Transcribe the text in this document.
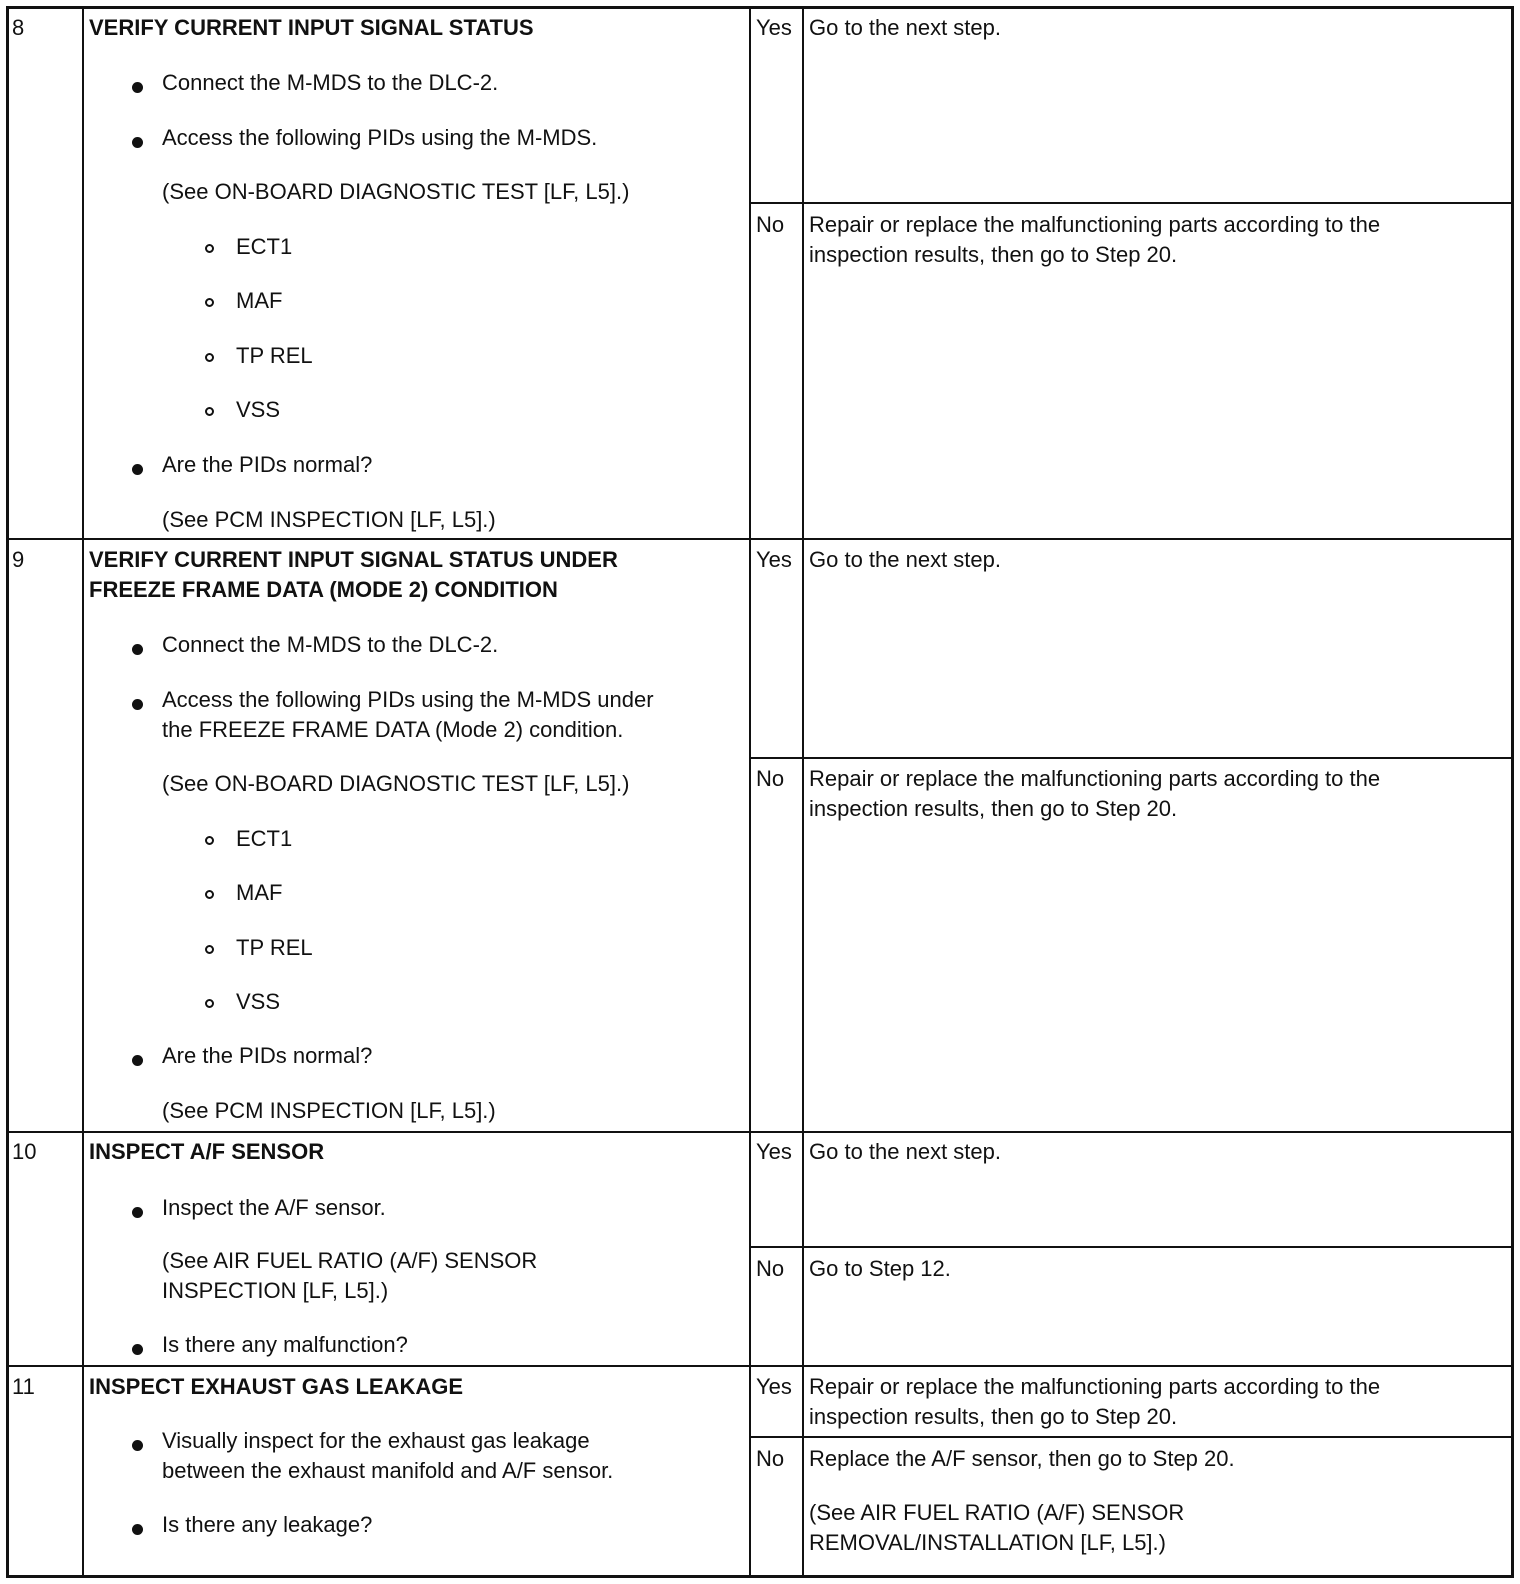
8	VERIFY CURRENT INPUT SIGNAL STATUS
Connect the M-MDS to the DLC-2.
Access the following PIDs using the M-MDS.
(See ON-BOARD DIAGNOSTIC TEST [LF, L5].)
ECT1
MAF
TP REL
VSS
Are the PIDs normal?
(See PCM INSPECTION [LF, L5].)
Yes Go to the next step.
No Repair or replace the malfunctioning parts according to the
inspection results, then go to Step 20.
9	VERIFY CURRENT INPUT SIGNAL STATUS UNDER
FREEZE FRAME DATA (MODE 2) CONDITION
Connect the M-MDS to the DLC-2.
Access the following PIDs using the M-MDS under
the FREEZE FRAME DATA (Mode 2) condition.
(See ON-BOARD DIAGNOSTIC TEST [LF, L5].)
ECT1
MAF
TP REL
VSS
Are the PIDs normal?
(See PCM INSPECTION [LF, L5].)
Yes Go to the next step.
No Repair or replace the malfunctioning parts according to the
inspection results, then go to Step 20.
10 INSPECT A/F SENSOR
Inspect the A/F sensor.
(See AIR FUEL RATIO (A/F) SENSOR
INSPECTION [LF, L5].)
Is there any malfunction?
Yes Go to the next step.
No Go to Step 12.
11 INSPECT EXHAUST GAS LEAKAGE
Visually inspect for the exhaust gas leakage
between the exhaust manifold and A/F sensor.
Is there any leakage?
Yes Repair or replace the malfunctioning parts according to the
inspection results, then go to Step 20.
No Replace the A/F sensor, then go to Step 20.
(See AIR FUEL RATIO (A/F) SENSOR
REMOVAL/INSTALLATION [LF, L5].)
